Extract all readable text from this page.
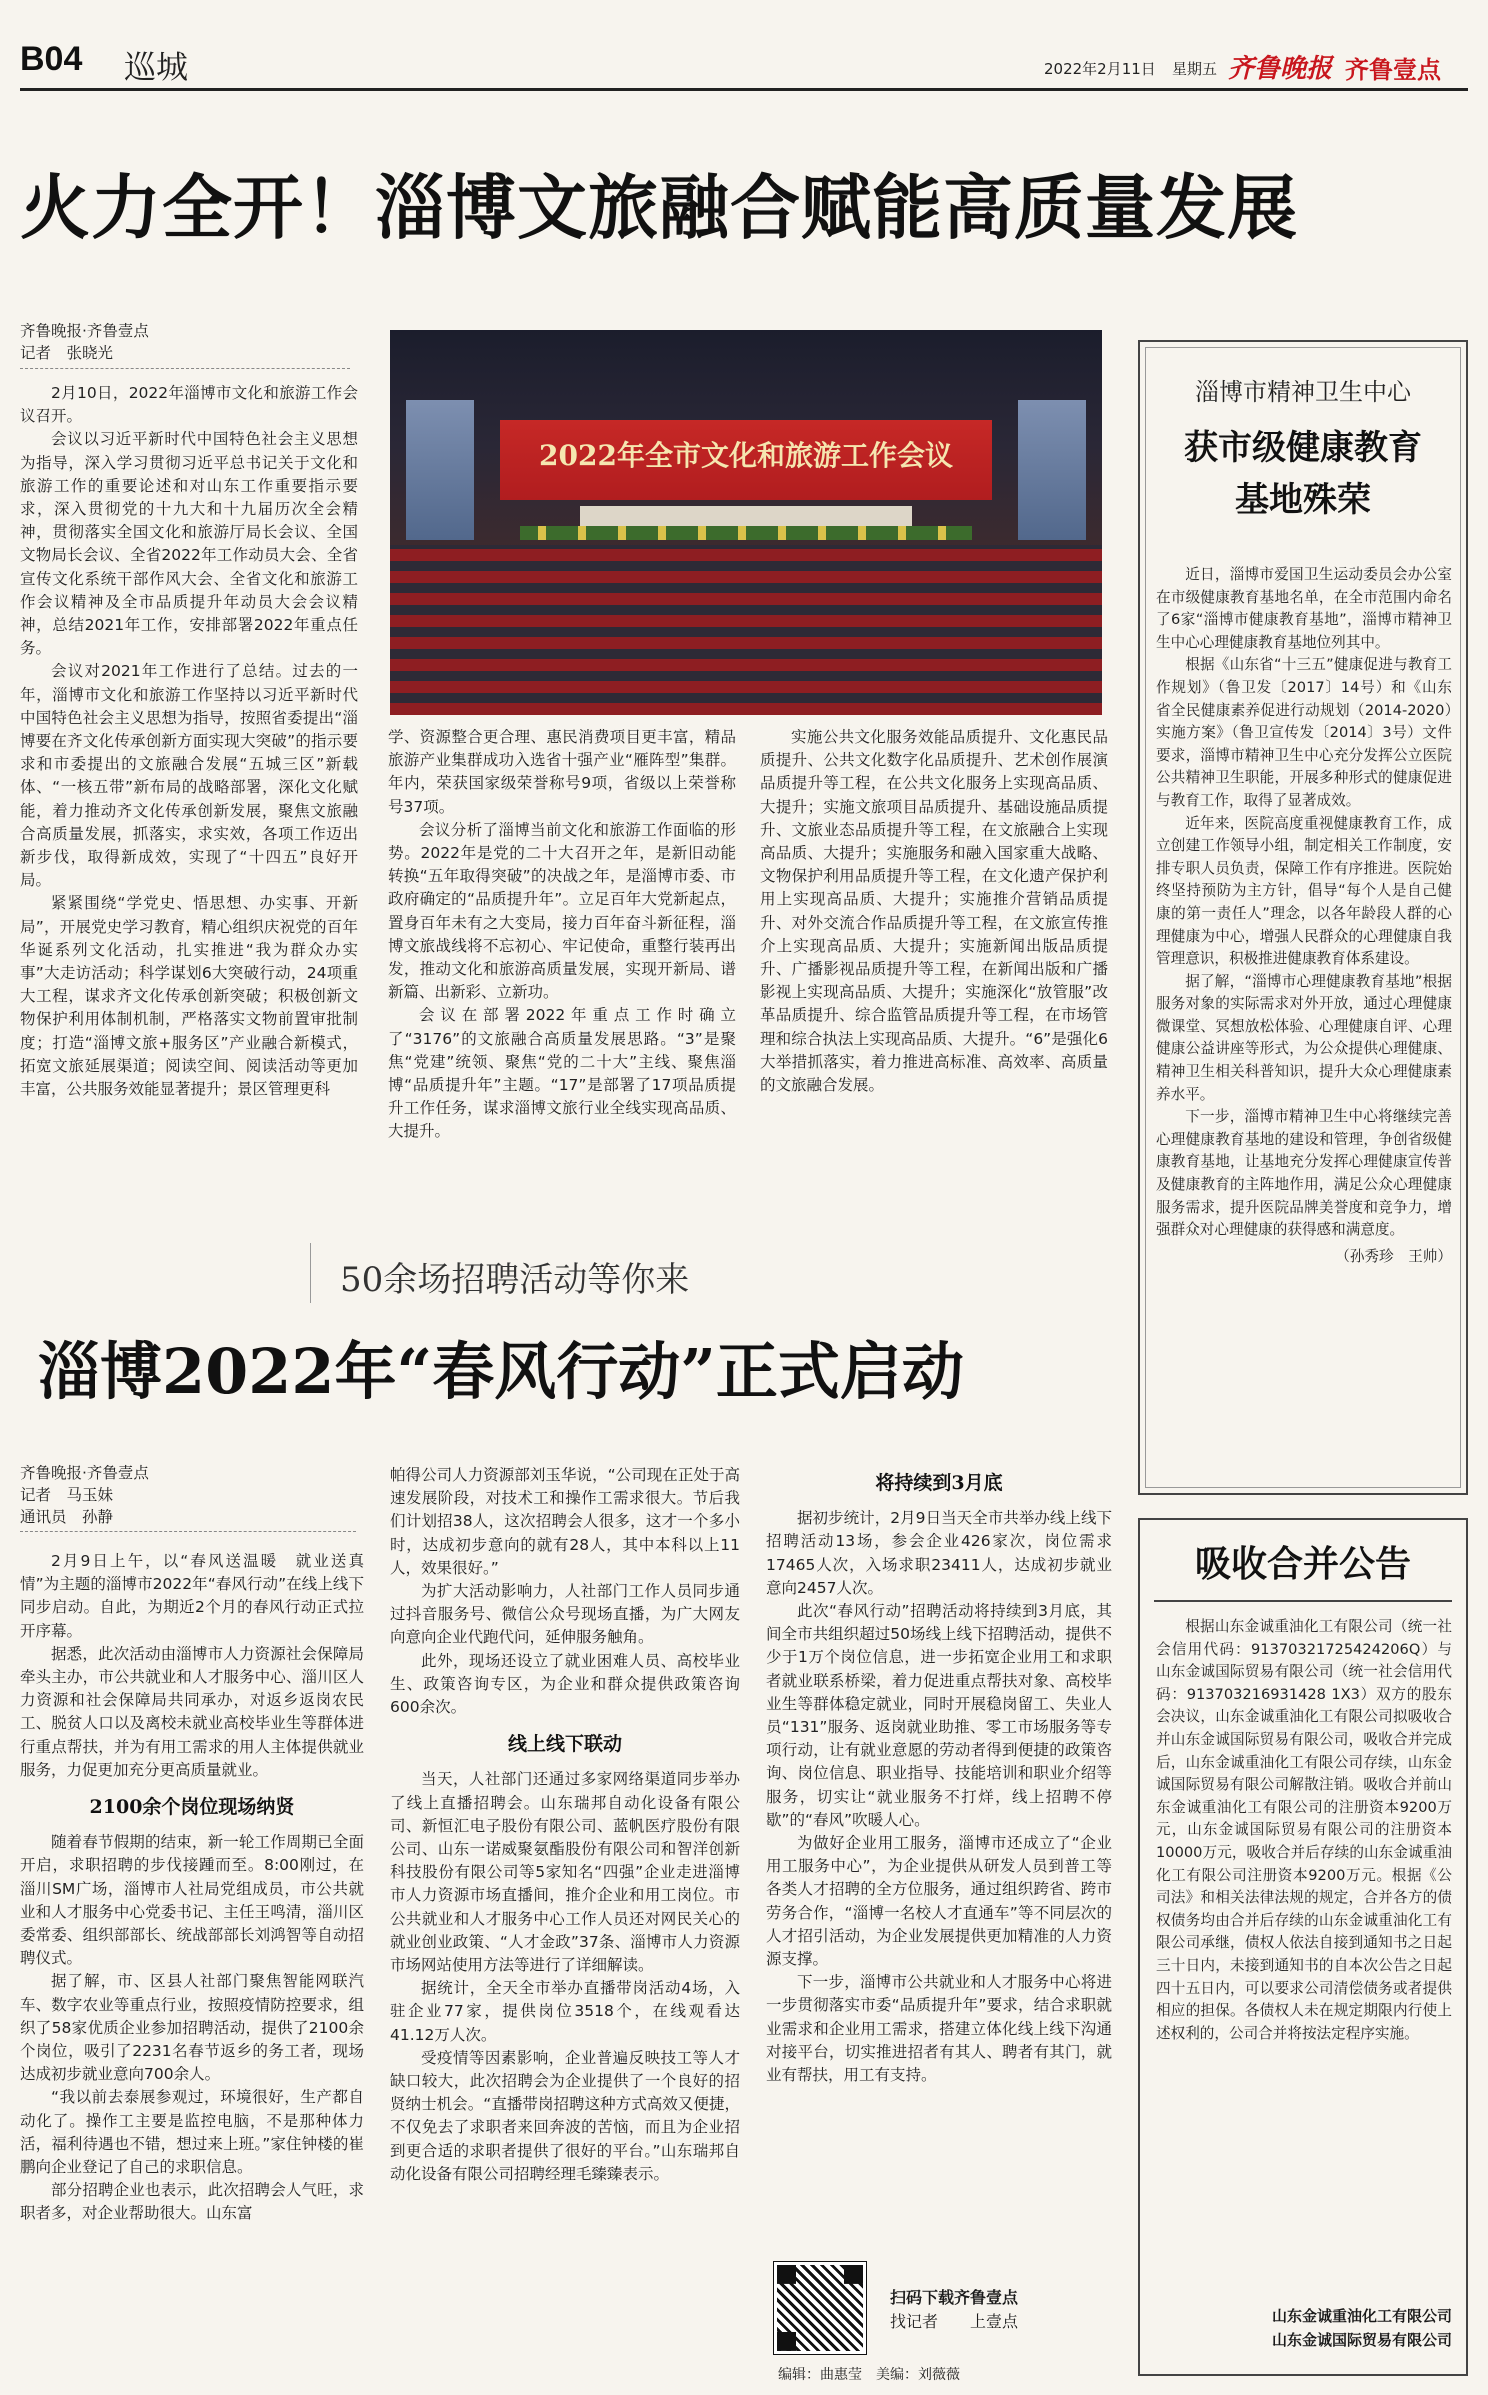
B04 巡城	2022年2月11日 星期五 齐鲁晚报 齐鲁壹点
火力全开！淄博文旅融合赋能高质量发展
齐鲁晚报·齐鲁壹点
记者　张晓光
2022年全市文化和旅游工作会议

2月10日，2022年淄博市文化和旅游工作会议召开。

会议以习近平新时代中国特色社会主义思想为指导，深入学习贯彻习近平总书记关于文化和旅游工作的重要论述和对山东工作重要指示要求，深入贯彻党的十九大和十九届历次全会精神，贯彻落实全国文化和旅游厅局长会议、全国文物局长会议、全省2022年工作动员大会、全省宣传文化系统干部作风大会、全省文化和旅游工作会议精神及全市品质提升年动员大会会议精神，总结2021年工作，安排部署2022年重点任务。

会议对2021年工作进行了总结。过去的一年，淄博市文化和旅游工作坚持以习近平新时代中国特色社会主义思想为指导，按照省委提出“淄博要在齐文化传承创新方面实现大突破”的指示要求和市委提出的文旅融合发展“五城三区”新载体、“一核五带”新布局的战略部署，深化文化赋能，着力推动齐文化传承创新发展，聚焦文旅融合高质量发展，抓落实，求实效，各项工作迈出新步伐，取得新成效，实现了“十四五”良好开局。

紧紧围绕“学党史、悟思想、办实事、开新局”，开展党史学习教育，精心组织庆祝党的百年华诞系列文化活动，扎实推进“我为群众办实事”大走访活动；科学谋划6大突破行动，24项重大工程，谋求齐文化传承创新突破；积极创新文物保护利用体制机制，严格落实文物前置审批制度；打造“淄博文旅+服务区”产业融合新模式，拓宽文旅延展渠道；阅读空间、阅读活动等更加丰富，公共服务效能显著提升；景区管理更科

学、资源整合更合理、惠民消费项目更丰富，精品旅游产业集群成功入选省十强产业“雁阵型”集群。年内，荣获国家级荣誉称号9项，省级以上荣誉称号37项。

会议分析了淄博当前文化和旅游工作面临的形势。2022年是党的二十大召开之年，是新旧动能转换“五年取得突破”的决战之年，是淄博市委、市政府确定的“品质提升年”。立足百年大党新起点，置身百年未有之大变局，接力百年奋斗新征程，淄博文旅战线将不忘初心、牢记使命，重整行装再出发，推动文化和旅游高质量发展，实现开新局、谱新篇、出新彩、立新功。

会议在部署2022年重点工作时确立了“3176”的文旅融合高质量发展思路。“3”是聚焦“党建”统领、聚焦“党的二十大”主线、聚焦淄博“品质提升年”主题。“17”是部署了17项品质提升工作任务，谋求淄博文旅行业全线实现高品质、大提升。

实施公共文化服务效能品质提升、文化惠民品质提升、公共文化数字化品质提升、艺术创作展演品质提升等工程，在公共文化服务上实现高品质、大提升；实施文旅项目品质提升、基础设施品质提升、文旅业态品质提升等工程，在文旅融合上实现高品质、大提升；实施服务和融入国家重大战略、文物保护利用品质提升等工程，在文化遗产保护利用上实现高品质、大提升；实施推介营销品质提升、对外交流合作品质提升等工程，在文旅宣传推介上实现高品质、大提升；实施新闻出版品质提升、广播影视品质提升等工程，在新闻出版和广播影视上实现高品质、大提升；实施深化“放管服”改革品质提升、综合监管品质提升等工程，在市场管理和综合执法上实现高品质、大提升。“6”是强化6大举措抓落实，着力推进高标准、高效率、高质量的文旅融合发展。

淄博市精神卫生中心
获市级健康教育
基地殊荣

近日，淄博市爱国卫生运动委员会办公室在市级健康教育基地名单，在全市范围内命名了6家“淄博市健康教育基地”，淄博市精神卫生中心心理健康教育基地位列其中。

根据《山东省“十三五”健康促进与教育工作规划》（鲁卫发〔2017〕14号）和《山东省全民健康素养促进行动规划（2014-2020）实施方案》（鲁卫宣传发〔2014〕3号）文件要求，淄博市精神卫生中心充分发挥公立医院公共精神卫生职能，开展多种形式的健康促进与教育工作，取得了显著成效。

近年来，医院高度重视健康教育工作，成立创建工作领导小组，制定相关工作制度，安排专职人员负责，保障工作有序推进。医院始终坚持预防为主方针，倡导“每个人是自己健康的第一责任人”理念，以各年龄段人群的心理健康为中心，增强人民群众的心理健康自我管理意识，积极推进健康教育体系建设。

据了解，“淄博市心理健康教育基地”根据服务对象的实际需求对外开放，通过心理健康微课堂、冥想放松体验、心理健康自评、心理健康公益讲座等形式，为公众提供心理健康、精神卫生相关科普知识，提升大众心理健康素养水平。

下一步，淄博市精神卫生中心将继续完善心理健康教育基地的建设和管理，争创省级健康教育基地，让基地充分发挥心理健康宣传普及健康教育的主阵地作用，满足公众心理健康服务需求，提升医院品牌美誉度和竞争力，增强群众对心理健康的获得感和满意度。

（孙秀珍　王帅）
50余场招聘活动等你来
淄博2022年“春风行动”正式启动
齐鲁晚报·齐鲁壹点
记者　马玉妹
通讯员　孙静

2月9日上午，以“春风送温暖　就业送真情”为主题的淄博市2022年“春风行动”在线上线下同步启动。自此，为期近2个月的春风行动正式拉开序幕。

据悉，此次活动由淄博市人力资源社会保障局牵头主办，市公共就业和人才服务中心、淄川区人力资源和社会保障局共同承办，对返乡返岗农民工、脱贫人口以及离校未就业高校毕业生等群体进行重点帮扶，并为有用工需求的用人主体提供就业服务，力促更加充分更高质量就业。

2100余个岗位现场纳贤

随着春节假期的结束，新一轮工作周期已全面开启，求职招聘的步伐接踵而至。8:00刚过，在淄川SM广场，淄博市人社局党组成员，市公共就业和人才服务中心党委书记、主任王鸣清，淄川区委常委、组织部部长、统战部部长刘鸿智等自动招聘仪式。

据了解，市、区县人社部门聚焦智能网联汽车、数字农业等重点行业，按照疫情防控要求，组织了58家优质企业参加招聘活动，提供了2100余个岗位，吸引了2231名春节返乡的务工者，现场达成初步就业意向700余人。

“我以前去泰展参观过，环境很好，生产都自动化了。操作工主要是监控电脑，不是那种体力活，福利待遇也不错，想过来上班。”家住钟楼的崔鹏向企业登记了自己的求职信息。

部分招聘企业也表示，此次招聘会人气旺，求职者多，对企业帮助很大。山东富

帕得公司人力资源部刘玉华说，“公司现在正处于高速发展阶段，对技术工和操作工需求很大。节后我们计划招38人，这次招聘会人很多，这才一个多小时，达成初步意向的就有28人，其中本科以上11人，效果很好。”

为扩大活动影响力，人社部门工作人员同步通过抖音服务号、微信公众号现场直播，为广大网友向意向企业代跑代问，延伸服务触角。

此外，现场还设立了就业困难人员、高校毕业生、政策咨询专区，为企业和群众提供政策咨询600余次。

线上线下联动

当天，人社部门还通过多家网络渠道同步举办了线上直播招聘会。山东瑞邦自动化设备有限公司、新恒汇电子股份有限公司、蓝帆医疗股份有限公司、山东一诺威聚氨酯股份有限公司和智洋创新科技股份有限公司等5家知名“四强”企业走进淄博市人力资源市场直播间，推介企业和用工岗位。市公共就业和人才服务中心工作人员还对网民关心的就业创业政策、“人才金政”37条、淄博市人力资源市场网站使用方法等进行了详细解读。

据统计，全天全市举办直播带岗活动4场，入驻企业77家，提供岗位3518个，在线观看达41.12万人次。

受疫情等因素影响，企业普遍反映技工等人才缺口较大，此次招聘会为企业提供了一个良好的招贤纳士机会。“直播带岗招聘这种方式高效又便捷，不仅免去了求职者来回奔波的苦恼，而且为企业招到更合适的求职者提供了很好的平台。”山东瑞邦自动化设备有限公司招聘经理毛臻臻表示。

将持续到3月底

据初步统计，2月9日当天全市共举办线上线下招聘活动13场，参会企业426家次，岗位需求17465人次，入场求职23411人，达成初步就业意向2457人次。

此次“春风行动”招聘活动将持续到3月底，其间全市共组织超过50场线上线下招聘活动，提供不少于1万个岗位信息，进一步拓宽企业用工和求职者就业联系桥梁，着力促进重点帮扶对象、高校毕业生等群体稳定就业，同时开展稳岗留工、失业人员“131”服务、返岗就业助推、零工市场服务等专项行动，让有就业意愿的劳动者得到便捷的政策咨询、岗位信息、职业指导、技能培训和职业介绍等服务，切实让“就业服务不打烊，线上招聘不停歇”的“春风”吹暖人心。

为做好企业用工服务，淄博市还成立了“企业用工服务中心”，为企业提供从研发人员到普工等各类人才招聘的全方位服务，通过组织跨省、跨市劳务合作，“淄博一名校人才直通车”等不同层次的人才招引活动，为企业发展提供更加精准的人力资源支撑。

下一步，淄博市公共就业和人才服务中心将进一步贯彻落实市委“品质提升年”要求，结合求职就业需求和企业用工需求，搭建立体化线上线下沟通对接平台，切实推进招者有其人、聘者有其门，就业有帮扶，用工有支持。

扫码下载齐鲁壹点
找记者　　上壹点
编辑：曲惠莹　美编：刘薇薇
吸收合并公告

根据山东金诚重油化工有限公司（统一社会信用代码：91370321725424206Q）与山东金诚国际贸易有限公司（统一社会信用代码：913703216931428 1X3）双方的股东会决议，山东金诚重油化工有限公司拟吸收合并山东金诚国际贸易有限公司，吸收合并完成后，山东金诚重油化工有限公司存续，山东金诚国际贸易有限公司解散注销。吸收合并前山东金诚重油化工有限公司的注册资本9200万元，山东金诚国际贸易有限公司的注册资本10000万元，吸收合并后存续的山东金诚重油化工有限公司注册资本9200万元。根据《公司法》和相关法律法规的规定，合并各方的债权债务均由合并后存续的山东金诚重油化工有限公司承继，债权人依法自接到通知书之日起三十日内，未接到通知书的自本次公告之日起四十五日内，可以要求公司清偿债务或者提供相应的担保。各债权人未在规定期限内行使上述权利的，公司合并将按法定程序实施。

山东金诚重油化工有限公司
山东金诚国际贸易有限公司
